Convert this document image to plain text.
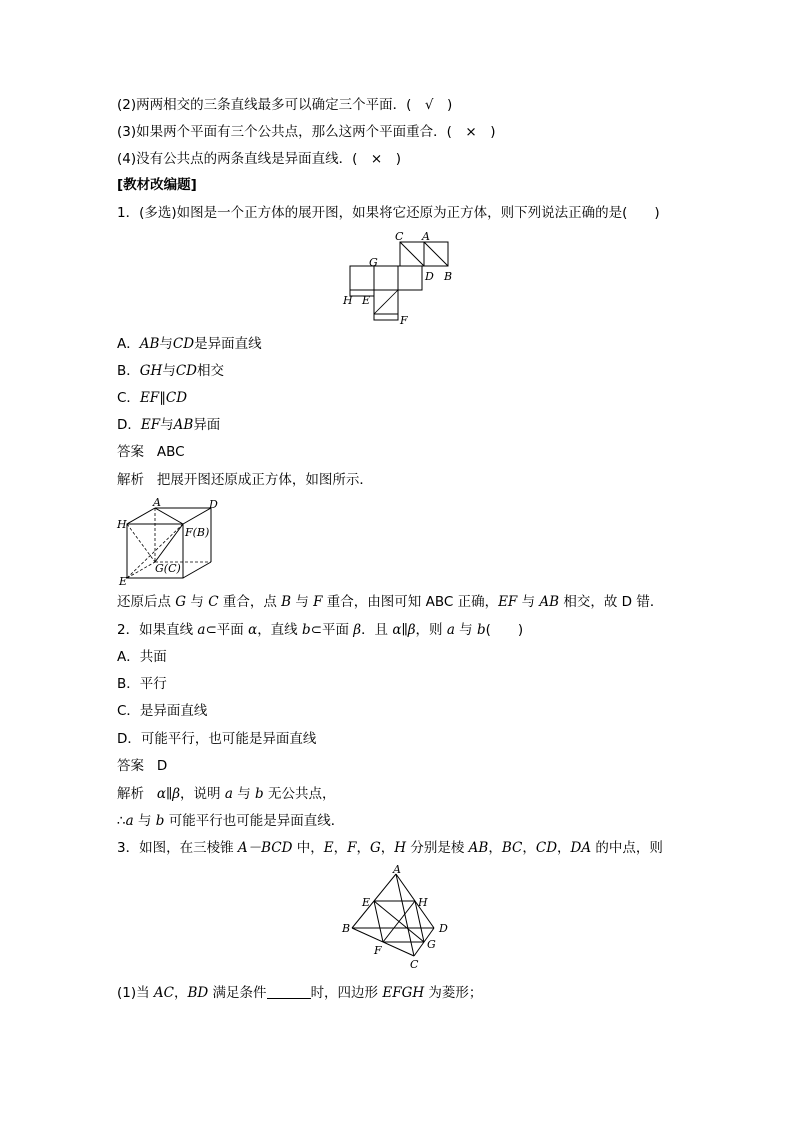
(2)两两相交的三条直线最多可以确定三个平面．(　√　)
(3)如果两个平面有三个公共点，那么这两个平面重合．(　×　)
(4)没有公共点的两条直线是异面直线．(　×　)
[教材改编题]
1．(多选)如图是一个正方体的展开图，如果将它还原为正方体，则下列说法正确的是(　　)
C A
G
D B
H E
F
A．AB与CD是异面直线
B．GH与CD相交
C．EF∥CD
D．EF与AB异面
答案 ABC
解析 把展开图还原成正方体，如图所示．
A	D
H
F(B)
G(C)
E
还原后点 G 与 C 重合，点 B 与 F 重合，由图可知 ABC 正确，EF 与 AB 相交，故 D 错．
2．如果直线 a⊂平面 α，直线 b⊂平面 β．且 α∥β，则 a 与 b(　　)
A．共面
B．平行
C．是异面直线
D．可能平行，也可能是异面直线
答案 D
解析 α∥β，说明 a 与 b 无公共点，
∴a 与 b 可能平行也可能是异面直线．
3．如图，在三棱锥 A－BCD 中，E，F，G，H 分别是棱 AB，BC，CD，DA 的中点，则
A
E	H
B	D
F	G
C
(1)当 AC，BD 满足条件	时，四边形 EFGH 为菱形；
